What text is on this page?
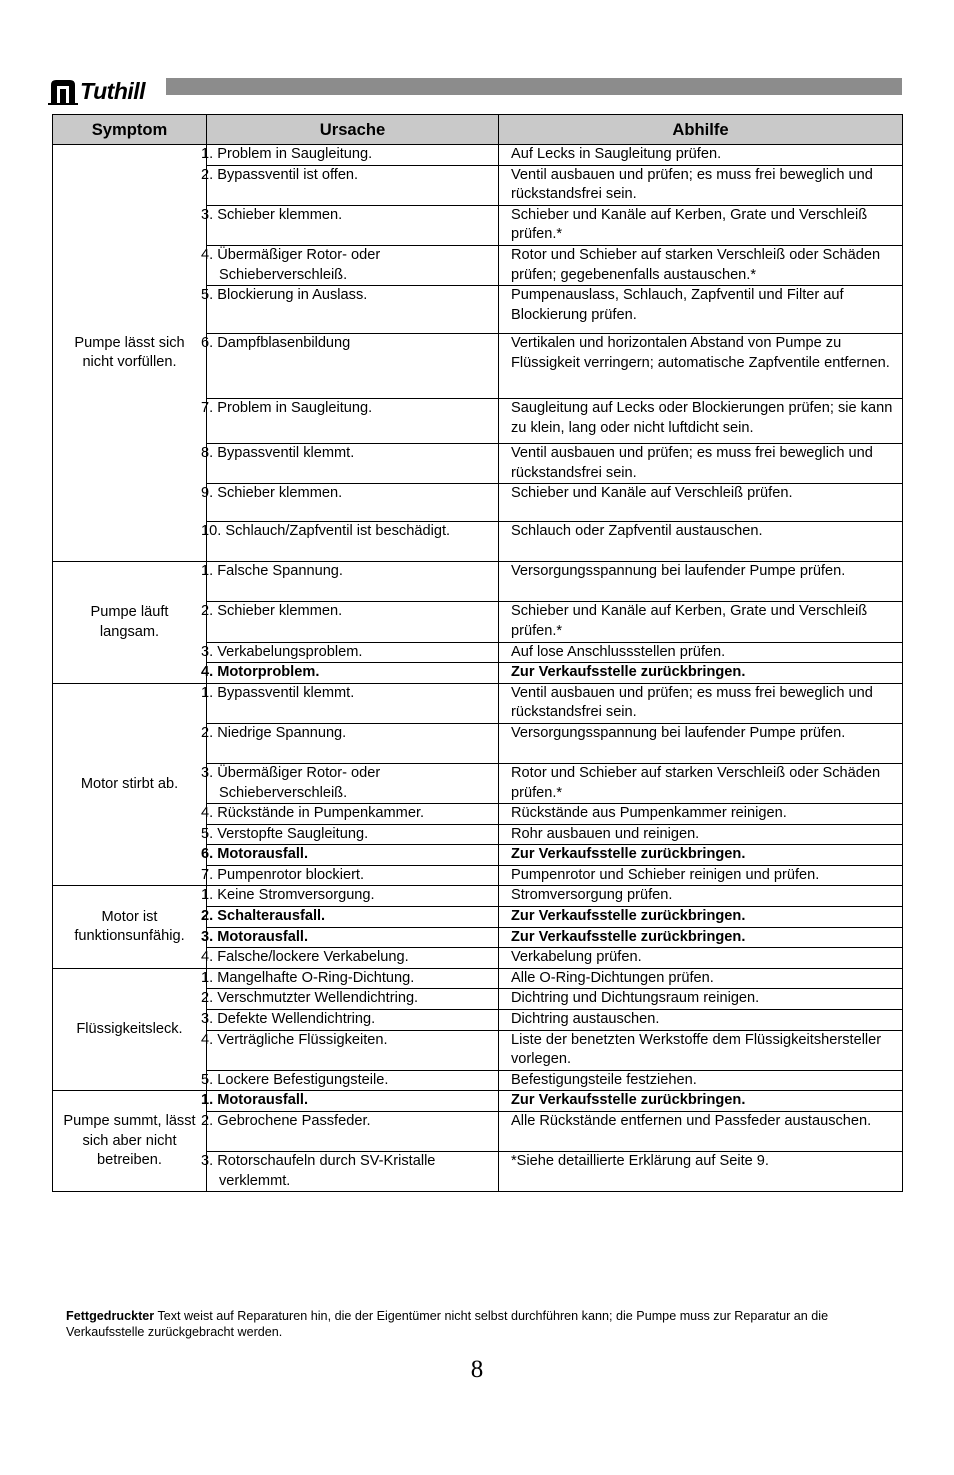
Tuthill
Symptom	Ursache	Abhilfe
Pumpe lässt sich nicht vorfüllen.	1. Problem in Saugleitung.	Auf Lecks in Saugleitung prüfen.
	2. Bypassventil ist offen.	Ventil ausbauen und prüfen; es muss frei beweglich und rückstandsfrei sein.
	3. Schieber klemmen.	Schieber und Kanäle auf Kerben, Grate und Verschleiß prüfen.*
	4. Übermäßiger Rotor- oder Schieberverschleiß.	Rotor und Schieber auf starken Verschleiß oder Schäden prüfen; gegebenenfalls austauschen.*
	5. Blockierung in Auslass.	Pumpenauslass, Schlauch, Zapfventil und Filter auf Blockierung prüfen.
	6. Dampfblasenbildung	Vertikalen und horizontalen Abstand von Pumpe zu Flüssigkeit verringern; automatische Zapfventile entfernen.
	7. Problem in Saugleitung.	Saugleitung auf Lecks oder Blockierungen prüfen; sie kann zu klein, lang oder nicht luftdicht sein.
	8. Bypassventil klemmt.	Ventil ausbauen und prüfen; es muss frei beweglich und rückstandsfrei sein.
	9. Schieber klemmen.	Schieber und Kanäle auf Verschleiß prüfen.
	10. Schlauch/Zapfventil ist beschädigt.	Schlauch oder Zapfventil austauschen.
Pumpe läuft langsam.	1. Falsche Spannung.	Versorgungsspannung bei laufender Pumpe prüfen.
	2. Schieber klemmen.	Schieber und Kanäle auf Kerben, Grate und Verschleiß prüfen.*
	3. Verkabelungsproblem.	Auf lose Anschlussstellen prüfen.
	4. Motorproblem.	Zur Verkaufsstelle zurückbringen.
Motor stirbt ab.	1. Bypassventil klemmt.	Ventil ausbauen und prüfen; es muss frei beweglich und rückstandsfrei sein.
	2. Niedrige Spannung.	Versorgungsspannung bei laufender Pumpe prüfen.
	3. Übermäßiger Rotor- oder Schieberverschleiß.	Rotor und Schieber auf starken Verschleiß oder Schäden prüfen.*
	4. Rückstände in Pumpenkammer.	Rückstände aus Pumpenkammer reinigen.
	5. Verstopfte Saugleitung.	Rohr ausbauen und reinigen.
	6. Motorausfall.	Zur Verkaufsstelle zurückbringen.
	7. Pumpenrotor blockiert.	Pumpenrotor und Schieber reinigen und prüfen.
Motor ist funktionsunfähig.	1. Keine Stromversorgung.	Stromversorgung prüfen.
	2. Schalterausfall.	Zur Verkaufsstelle zurückbringen.
	3. Motorausfall.	Zur Verkaufsstelle zurückbringen.
	4. Falsche/lockere Verkabelung.	Verkabelung prüfen.
Flüssigkeitsleck.	1. Mangelhafte O-Ring-Dichtung.	Alle O-Ring-Dichtungen prüfen.
	2. Verschmutzter Wellendichtring.	Dichtring und Dichtungsraum reinigen.
	3. Defekte Wellendichtring.	Dichtring austauschen.
	4. Verträgliche Flüssigkeiten.	Liste der benetzten Werkstoffe dem Flüssigkeitshersteller vorlegen.
	5. Lockere Befestigungsteile.	Befestigungsteile festziehen.
Pumpe summt, lässt sich aber nicht betreiben.	1. Motorausfall.	Zur Verkaufsstelle zurückbringen.
	2. Gebrochene Passfeder.	Alle Rückstände entfernen und Passfeder austauschen.
	3. Rotorschaufeln durch SV-Kristalle verklemmt.	*Siehe detaillierte Erklärung auf Seite 9.
Fettgedruckter Text weist auf Reparaturen hin, die der Eigentümer nicht selbst durchführen kann; die Pumpe muss zur Reparatur an die Verkaufsstelle zurückgebracht werden.
8
